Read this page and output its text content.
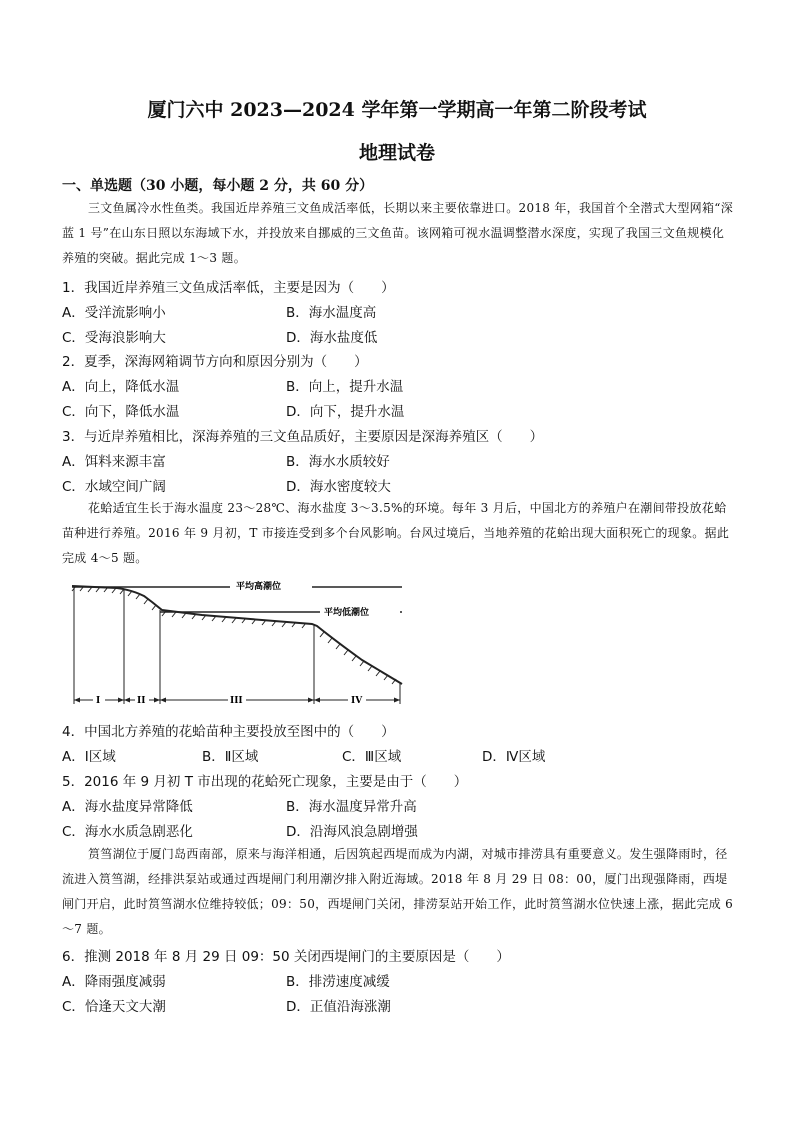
厦门六中 2023—2024 学年第一学期高一年第二阶段考试
地理试卷
一、单选题（30 小题，每小题 2 分，共 60 分）
三文鱼属冷水性鱼类。我国近岸养殖三文鱼成活率低，长期以来主要依靠进口。2018 年，我国首个全潜式大型网箱“深蓝 1 号”在山东日照以东海域下水，并投放来自挪威的三文鱼苗。该网箱可视水温调整潜水深度，实现了我国三文鱼规模化养殖的突破。据此完成 1～3 题。
1．我国近岸养殖三文鱼成活率低，主要是因为（　　）
A．受洋流影响小	B．海水温度高
C．受海浪影响大	D．海水盐度低
2．夏季，深海网箱调节方向和原因分别为（　　）
A．向上，降低水温	B．向上，提升水温
C．向下，降低水温	D．向下，提升水温
3．与近岸养殖相比，深海养殖的三文鱼品质好，主要原因是深海养殖区（　　）
A．饵料来源丰富	B．海水水质较好
C．水域空间广阔	D．海水密度较大
花蛤适宜生长于海水温度 23～28℃、海水盐度 3～3.5%的环境。每年 3 月后，中国北方的养殖户在潮间带投放花蛤苗种进行养殖。2016 年 9 月初，T 市接连受到多个台风影响。台风过境后，当地养殖的花蛤出现大面积死亡的现象。据此完成 4～5 题。
平均高潮位
平均低潮位
I	II	III	IV
4．中国北方养殖的花蛤苗种主要投放至图中的（　　）
A．Ⅰ区域	B．Ⅱ区域	C．Ⅲ区域	D．Ⅳ区域
5．2016 年 9 月初 T 市出现的花蛤死亡现象，主要是由于（　　）
A．海水盐度异常降低	B．海水温度异常升高
C．海水水质急剧恶化	D．沿海风浪急剧增强
筼筜湖位于厦门岛西南部，原来与海洋相通，后因筑起西堤而成为内湖，对城市排涝具有重要意义。发生强降雨时，径流进入筼筜湖，经排洪泵站或通过西堤闸门利用潮汐排入附近海域。2018 年 8 月 29 日 08：00，厦门出现强降雨，西堤闸门开启，此时筼筜湖水位维持较低；09：50，西堤闸门关闭，排涝泵站开始工作，此时筼筜湖水位快速上涨，据此完成 6～7 题。
6．推测 2018 年 8 月 29 日 09：50 关闭西堤闸门的主要原因是（　　）
A．降雨强度减弱	B．排涝速度减缓
C．恰逢天文大潮	D．正值沿海涨潮
